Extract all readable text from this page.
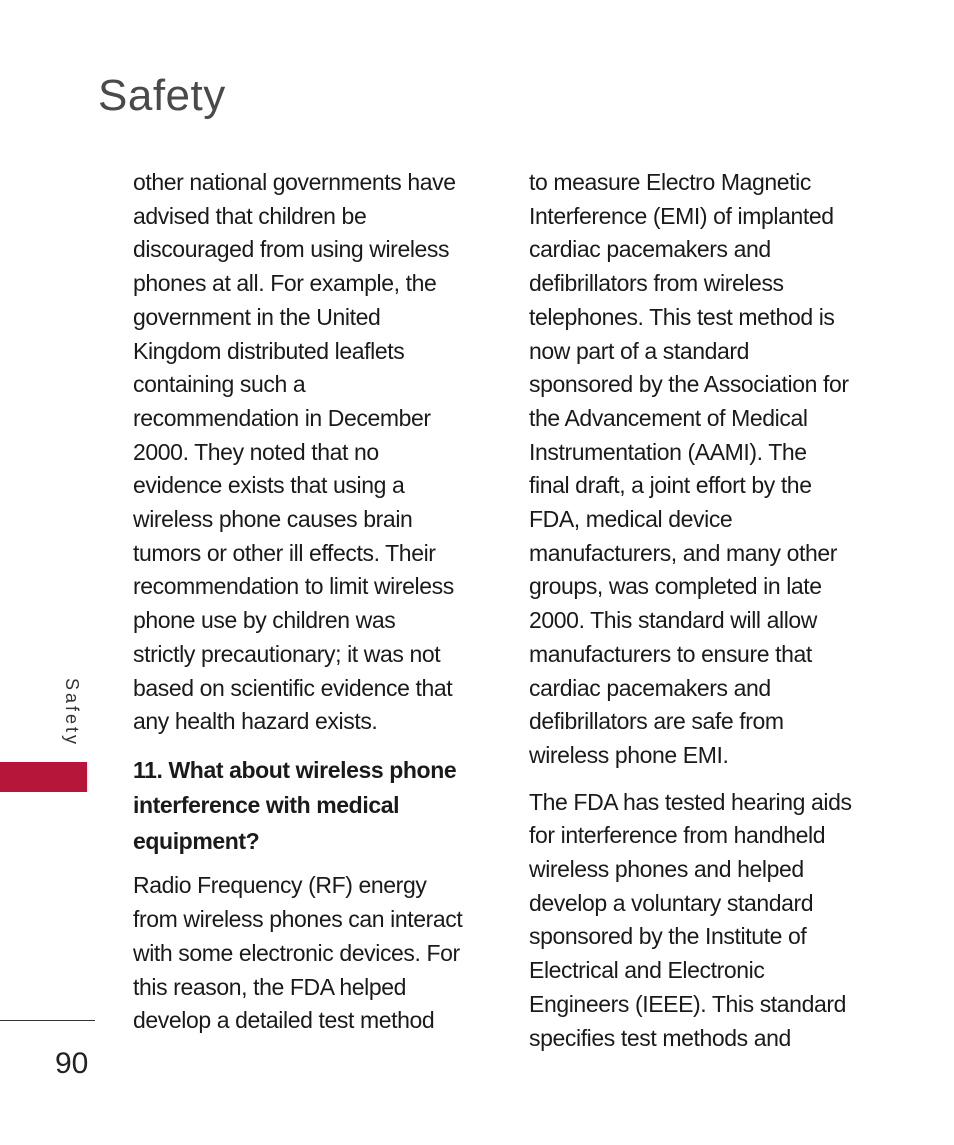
Safety

other national governments have
advised that children be
discouraged from using wireless
phones at all. For example, the
government in the United
Kingdom distributed leaflets
containing such a
recommendation in December
2000. They noted that no
evidence exists that using a
wireless phone causes brain
tumors or other ill effects. Their
recommendation to limit wireless
phone use by children was
strictly precautionary; it was not
based on scientific evidence that
any health hazard exists.

11. What about wireless phone
interference with medical
equipment?

Radio Frequency (RF) energy
from wireless phones can interact
with some electronic devices. For
this reason, the FDA helped
develop a detailed test method

to measure Electro Magnetic
Interference (EMI) of implanted
cardiac pacemakers and
defibrillators from wireless
telephones. This test method is
now part of a standard
sponsored by the Association for
the Advancement of Medical
Instrumentation (AAMI). The
final draft, a joint effort by the
FDA, medical device
manufacturers, and many other
groups, was completed in late
2000. This standard will allow
manufacturers to ensure that
cardiac pacemakers and
defibrillators are safe from
wireless phone EMI.

The FDA has tested hearing aids
for interference from handheld
wireless phones and helped
develop a voluntary standard
sponsored by the Institute of
Electrical and Electronic
Engineers (IEEE). This standard
specifies test methods and

Safety
90
